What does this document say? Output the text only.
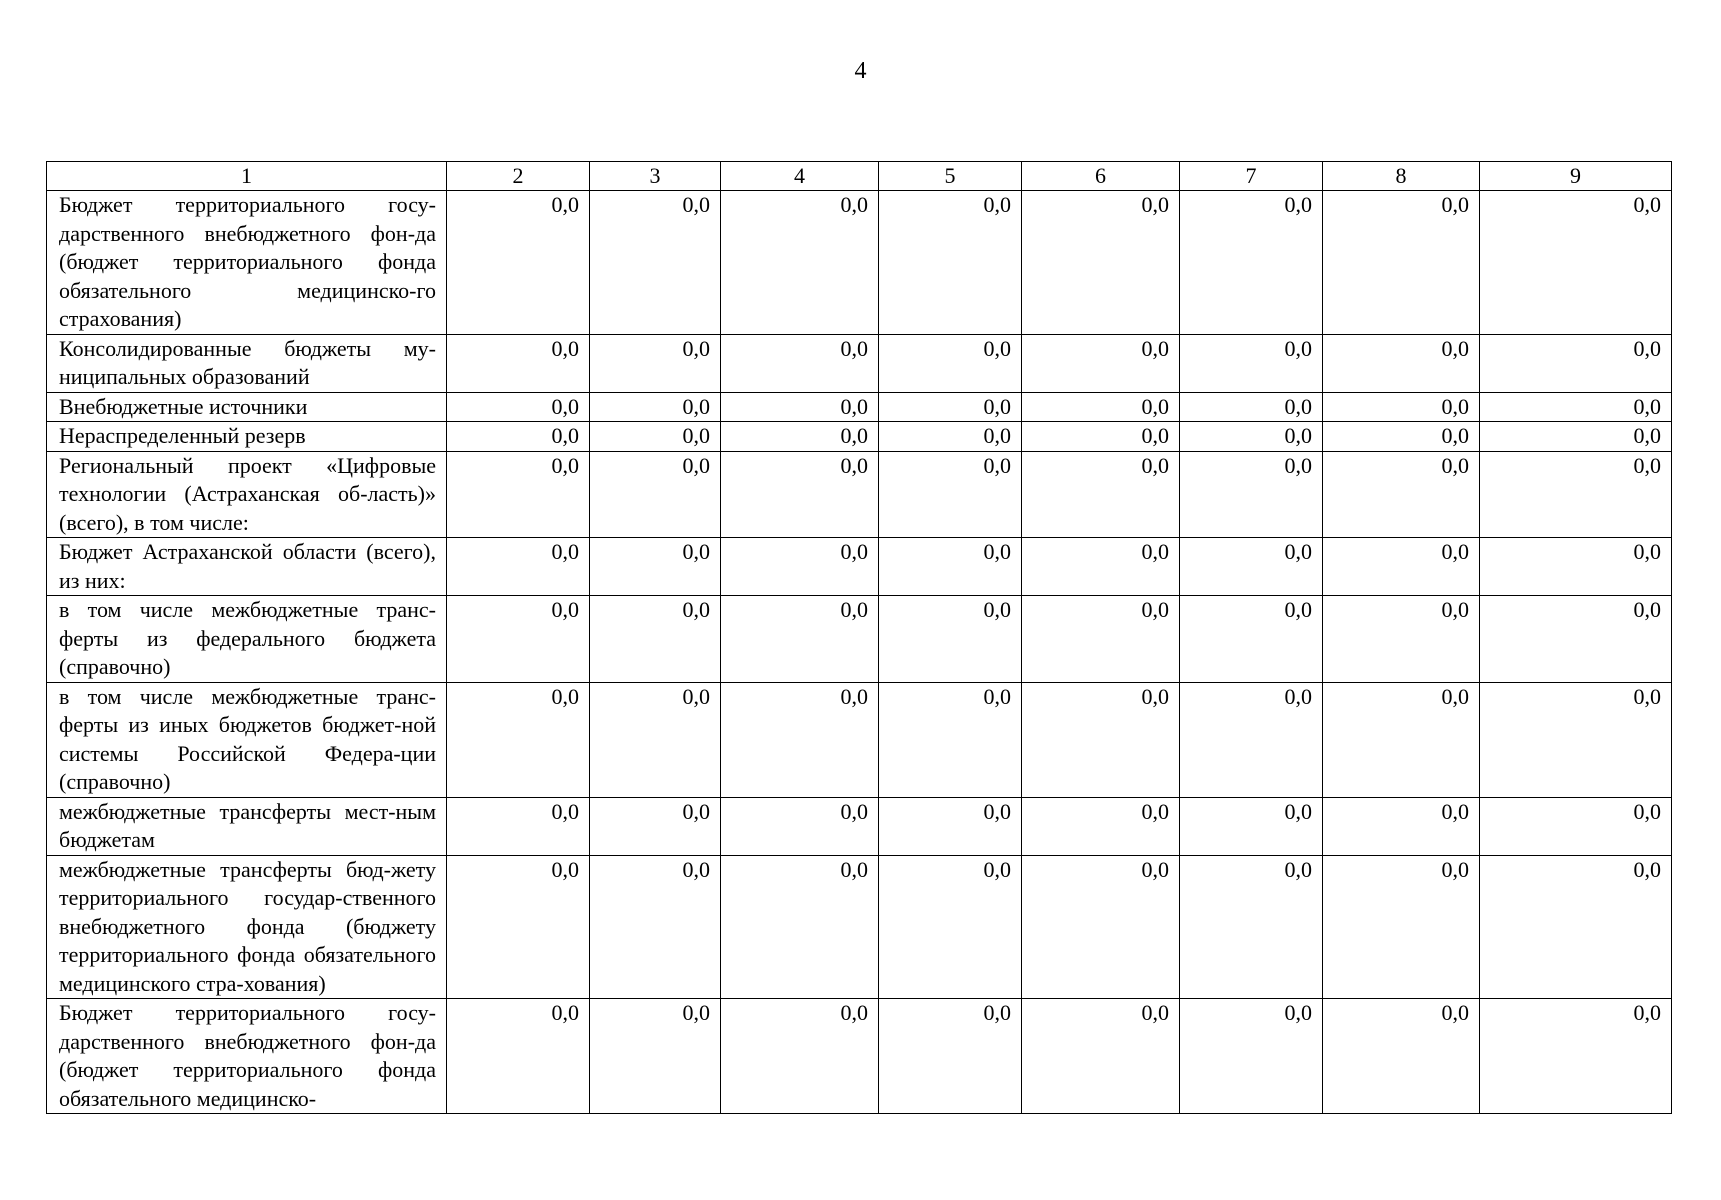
4
1	2	3	4	5	6	7	8	9
Бюджет территориального госу-дарственного внебюджетного фон-да (бюджет территориального фонда обязательного медицинско-го страхования)	0,0	0,0	0,0	0,0	0,0	0,0	0,0	0,0
Консолидированные бюджеты му-ниципальных образований	0,0	0,0	0,0	0,0	0,0	0,0	0,0	0,0
Внебюджетные источники	0,0	0,0	0,0	0,0	0,0	0,0	0,0	0,0
Нераспределенный резерв	0,0	0,0	0,0	0,0	0,0	0,0	0,0	0,0
Региональный проект «Цифровые технологии (Астраханская об-ласть)» (всего), в том числе:	0,0	0,0	0,0	0,0	0,0	0,0	0,0	0,0
Бюджет Астраханской области (всего), из них:	0,0	0,0	0,0	0,0	0,0	0,0	0,0	0,0
в том числе межбюджетные транс-ферты из федерального бюджета (справочно)	0,0	0,0	0,0	0,0	0,0	0,0	0,0	0,0
в том числе межбюджетные транс-ферты из иных бюджетов бюджет-ной системы Российской Федера-ции (справочно)	0,0	0,0	0,0	0,0	0,0	0,0	0,0	0,0
межбюджетные трансферты мест-ным бюджетам	0,0	0,0	0,0	0,0	0,0	0,0	0,0	0,0
межбюджетные трансферты бюд-жету территориального государ-ственного внебюджетного фонда (бюджету территориального фонда обязательного медицинского стра-хования)	0,0	0,0	0,0	0,0	0,0	0,0	0,0	0,0
Бюджет территориального госу-дарственного внебюджетного фон-да (бюджет территориального фонда обязательного медицинско-	0,0	0,0	0,0	0,0	0,0	0,0	0,0	0,0
